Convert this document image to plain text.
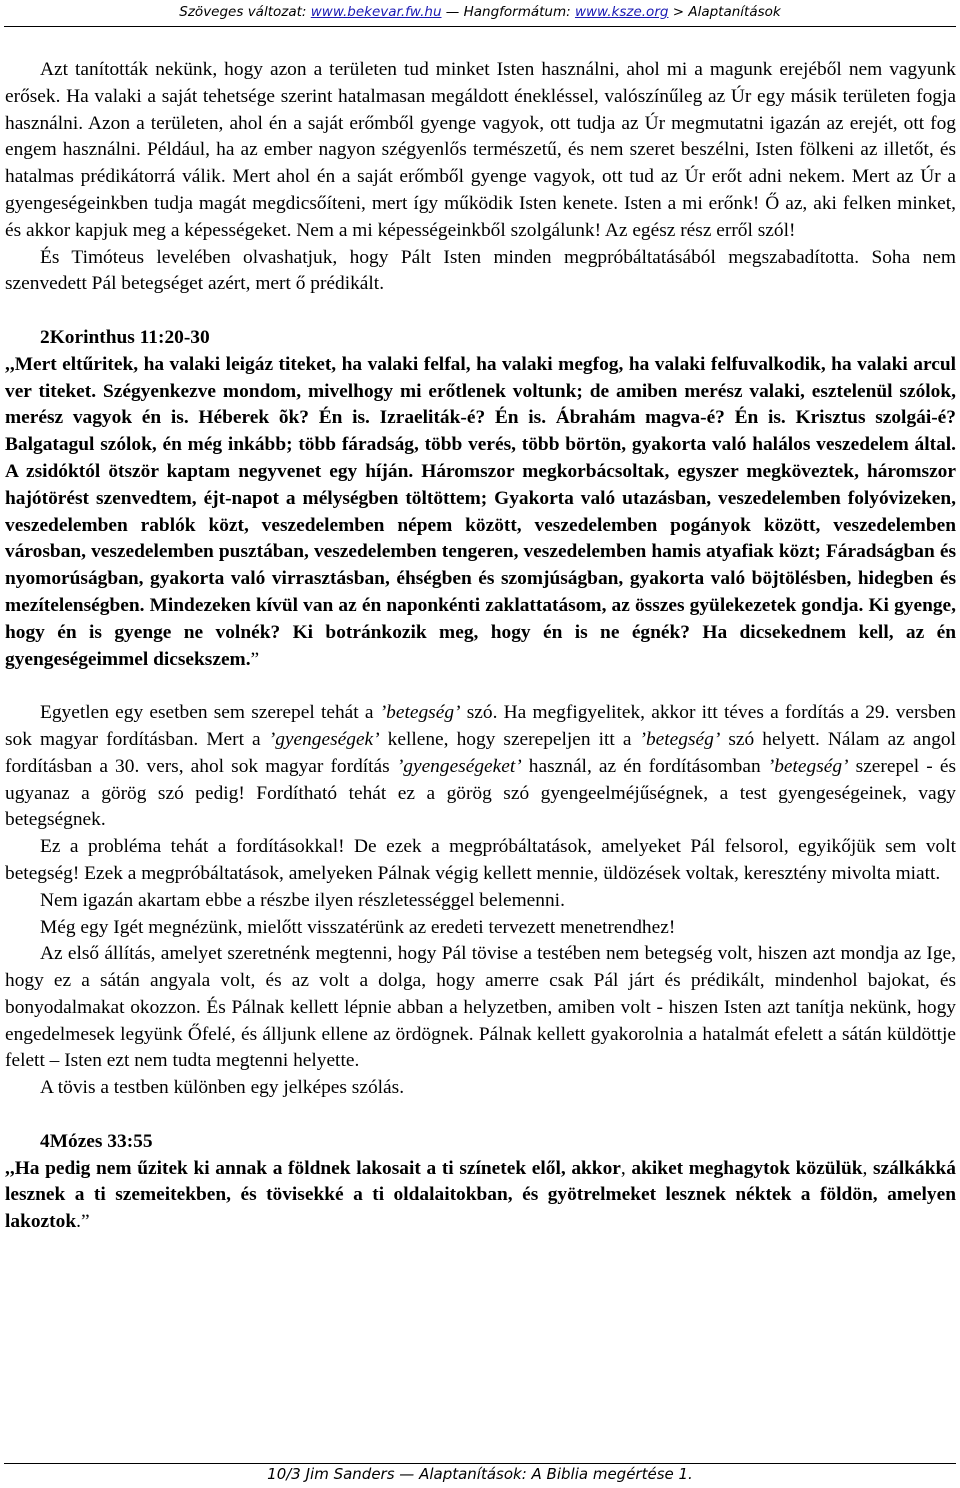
Szöveges változat: www.bekevar.fw.hu — Hangformátum: www.ksze.org > Alaptanítások

Azt tanították nekünk, hogy azon a területen tud minket Isten használni, ahol mi a magunk erejéből nem vagyunk erősek. Ha valaki a saját tehetsége szerint hatalmasan megáldott énekléssel, valószínűleg az Úr egy másik területen fogja használni. Azon a területen, ahol én a saját erőmből gyenge vagyok, ott tudja az Úr megmutatni igazán az erejét, ott fog engem használni. Például, ha az ember nagyon szégyenlős természetű, és nem szeret beszélni, Isten fölkeni az illetőt, és hatalmas prédikátorrá válik. Mert ahol én a saját erőmből gyenge vagyok, ott tud az Úr erőt adni nekem. Mert az Úr a gyengeségeinkben tudja magát megdicsőíteni, mert így működik Isten kenete. Isten a mi erőnk! Ő az, aki felken minket, és akkor kapjuk meg a képességeket. Nem a mi képességeinkből szolgálunk! Az egész rész erről szól!

És Timóteus levelében olvashatjuk, hogy Pált Isten minden megpróbáltatásából megszabadította. Soha nem szenvedett Pál betegséget azért, mert ő prédikált.

2Korinthus 11:20-30

,,Mert eltűritek, ha valaki leigáz titeket, ha valaki felfal, ha valaki megfog, ha valaki felfuvalkodik, ha valaki arcul ver titeket. Szégyenkezve mondom, mivelhogy mi erőtlenek voltunk; de amiben merész valaki, esztelenül szólok, merész vagyok én is. Héberek õk? Én is. Izraeliták-é? Én is. Ábrahám magva-é? Én is. Krisztus szolgái-é? Balgatagul szólok, én még inkább; több fáradság, több verés, több börtön, gyakorta való halálos veszedelem által. A zsidóktól ötször kaptam negyvenet egy híján. Háromszor megkorbácsoltak, egyszer megköveztek, háromszor hajótörést szenvedtem, éjt-napot a mélységben töltöttem; Gyakorta való utazásban, veszedelemben folyóvizeken, veszedelemben rablók közt, veszedelemben népem között, veszedelemben pogányok között, veszedelemben városban, veszedelemben pusztában, veszedelemben tengeren, veszedelemben hamis atyafiak közt; Fáradságban és nyomorúságban, gyakorta való virrasztásban, éhségben és szomjúságban, gyakorta való böjtölésben, hidegben és mezítelenségben. Mindezeken kívül van az én naponkénti zaklattatásom, az összes gyülekezetek gondja. Ki gyenge, hogy én is gyenge ne volnék? Ki botránkozik meg, hogy én is ne égnék? Ha dicsekednem kell, az én gyengeségeimmel dicsekszem.”

Egyetlen egy esetben sem szerepel tehát a ’betegség’ szó. Ha megfigyelitek, akkor itt téves a fordítás a 29. versben sok magyar fordításban. Mert a ’gyengeségek’ kellene, hogy szerepeljen itt a ’betegség’ szó helyett. Nálam az angol fordításban a 30. vers, ahol sok magyar fordítás ’gyengeségeket’ használ, az én fordításomban ’betegség’ szerepel - és ugyanaz a görög szó pedig! Fordítható tehát ez a görög szó gyengeelméjűségnek, a test gyengeségeinek, vagy betegségnek.

Ez a probléma tehát a fordításokkal! De ezek a megpróbáltatások, amelyeket Pál felsorol, egyikőjük sem volt betegség! Ezek a megpróbáltatások, amelyeken Pálnak végig kellett mennie, üldözések voltak, keresztény mivolta miatt.

Nem igazán akartam ebbe a részbe ilyen részletességgel belemenni.

Még egy Igét megnézünk, mielőtt visszatérünk az eredeti tervezett menetrendhez!

Az első állítás, amelyet szeretnénk megtenni, hogy Pál tövise a testében nem betegség volt, hiszen azt mondja az Ige, hogy ez a sátán angyala volt, és az volt a dolga, hogy amerre csak Pál járt és prédikált, mindenhol bajokat, és bonyodalmakat okozzon. És Pálnak kellett lépnie abban a helyzetben, amiben volt - hiszen Isten azt tanítja nekünk, hogy engedelmesek legyünk Őfelé, és álljunk ellene az ördögnek. Pálnak kellett gyakorolnia a hatalmát efelett a sátán küldöttje felett – Isten ezt nem tudta megtenni helyette.

A tövis a testben különben egy jelképes szólás.

4Mózes 33:55

,,Ha pedig nem űzitek ki annak a földnek lakosait a ti színetek elől, akkor, akiket meghagytok közülük, szálkákká lesznek a ti szemeitekben, és tövisekké a ti oldalaitokban, és gyötrelmeket lesznek néktek a földön, amelyen lakoztok.”

10/3 Jim Sanders — Alaptanítások: A Biblia megértése 1.
